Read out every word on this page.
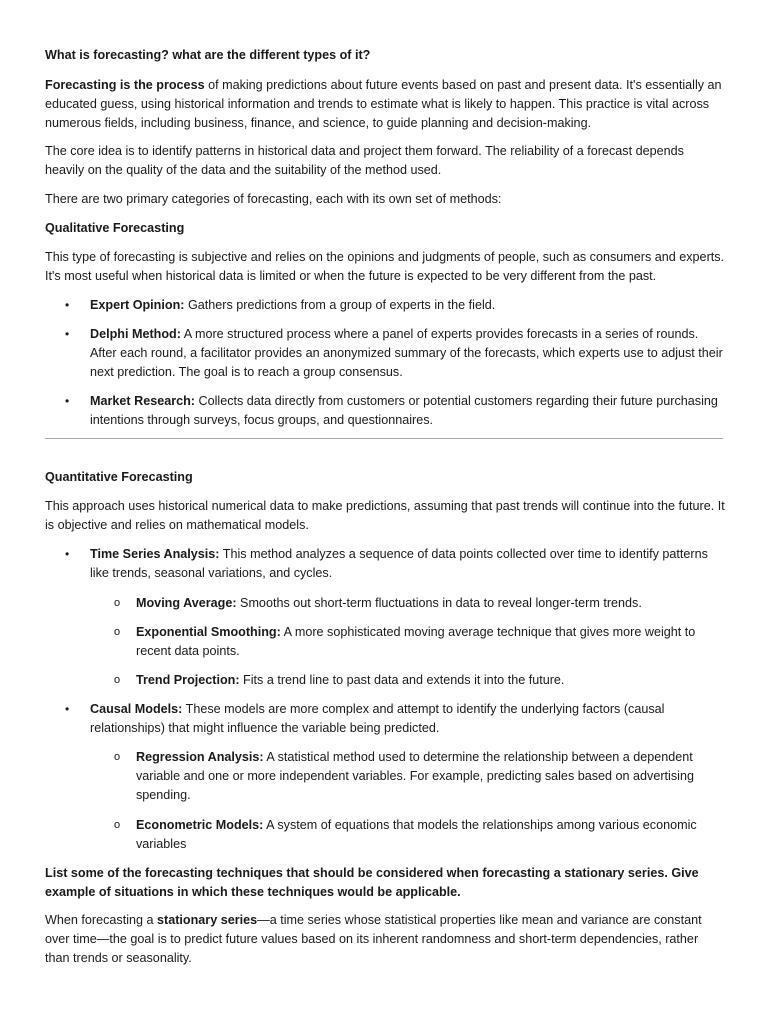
What is forecasting? what are the different types of it?

Forecasting is the process of making predictions about future events based on past and present data. It's essentially an educated guess, using historical information and trends to estimate what is likely to happen. This practice is vital across numerous fields, including business, finance, and science, to guide planning and decision-making.

The core idea is to identify patterns in historical data and project them forward. The reliability of a forecast depends heavily on the quality of the data and the suitability of the method used.

There are two primary categories of forecasting, each with its own set of methods:

Qualitative Forecasting

This type of forecasting is subjective and relies on the opinions and judgments of people, such as consumers and experts. It's most useful when historical data is limited or when the future is expected to be very different from the past.

• Expert Opinion: Gathers predictions from a group of experts in the field.
• Delphi Method: A more structured process where a panel of experts provides forecasts in a series of rounds. After each round, a facilitator provides an anonymized summary of the forecasts, which experts use to adjust their next prediction. The goal is to reach a group consensus.
• Market Research: Collects data directly from customers or potential customers regarding their future purchasing intentions through surveys, focus groups, and questionnaires.

Quantitative Forecasting

This approach uses historical numerical data to make predictions, assuming that past trends will continue into the future. It is objective and relies on mathematical models.

• Time Series Analysis: This method analyzes a sequence of data points collected over time to identify patterns like trends, seasonal variations, and cycles.
o Moving Average: Smooths out short-term fluctuations in data to reveal longer-term trends.
o Exponential Smoothing: A more sophisticated moving average technique that gives more weight to recent data points.
o Trend Projection: Fits a trend line to past data and extends it into the future.
• Causal Models: These models are more complex and attempt to identify the underlying factors (causal relationships) that might influence the variable being predicted.
o Regression Analysis: A statistical method used to determine the relationship between a dependent variable and one or more independent variables. For example, predicting sales based on advertising spending.
o Econometric Models: A system of equations that models the relationships among various economic variables

List some of the forecasting techniques that should be considered when forecasting a stationary series. Give example of situations in which these techniques would be applicable.

When forecasting a stationary series—a time series whose statistical properties like mean and variance are constant over time—the goal is to predict future values based on its inherent randomness and short-term dependencies, rather than trends or seasonality.
